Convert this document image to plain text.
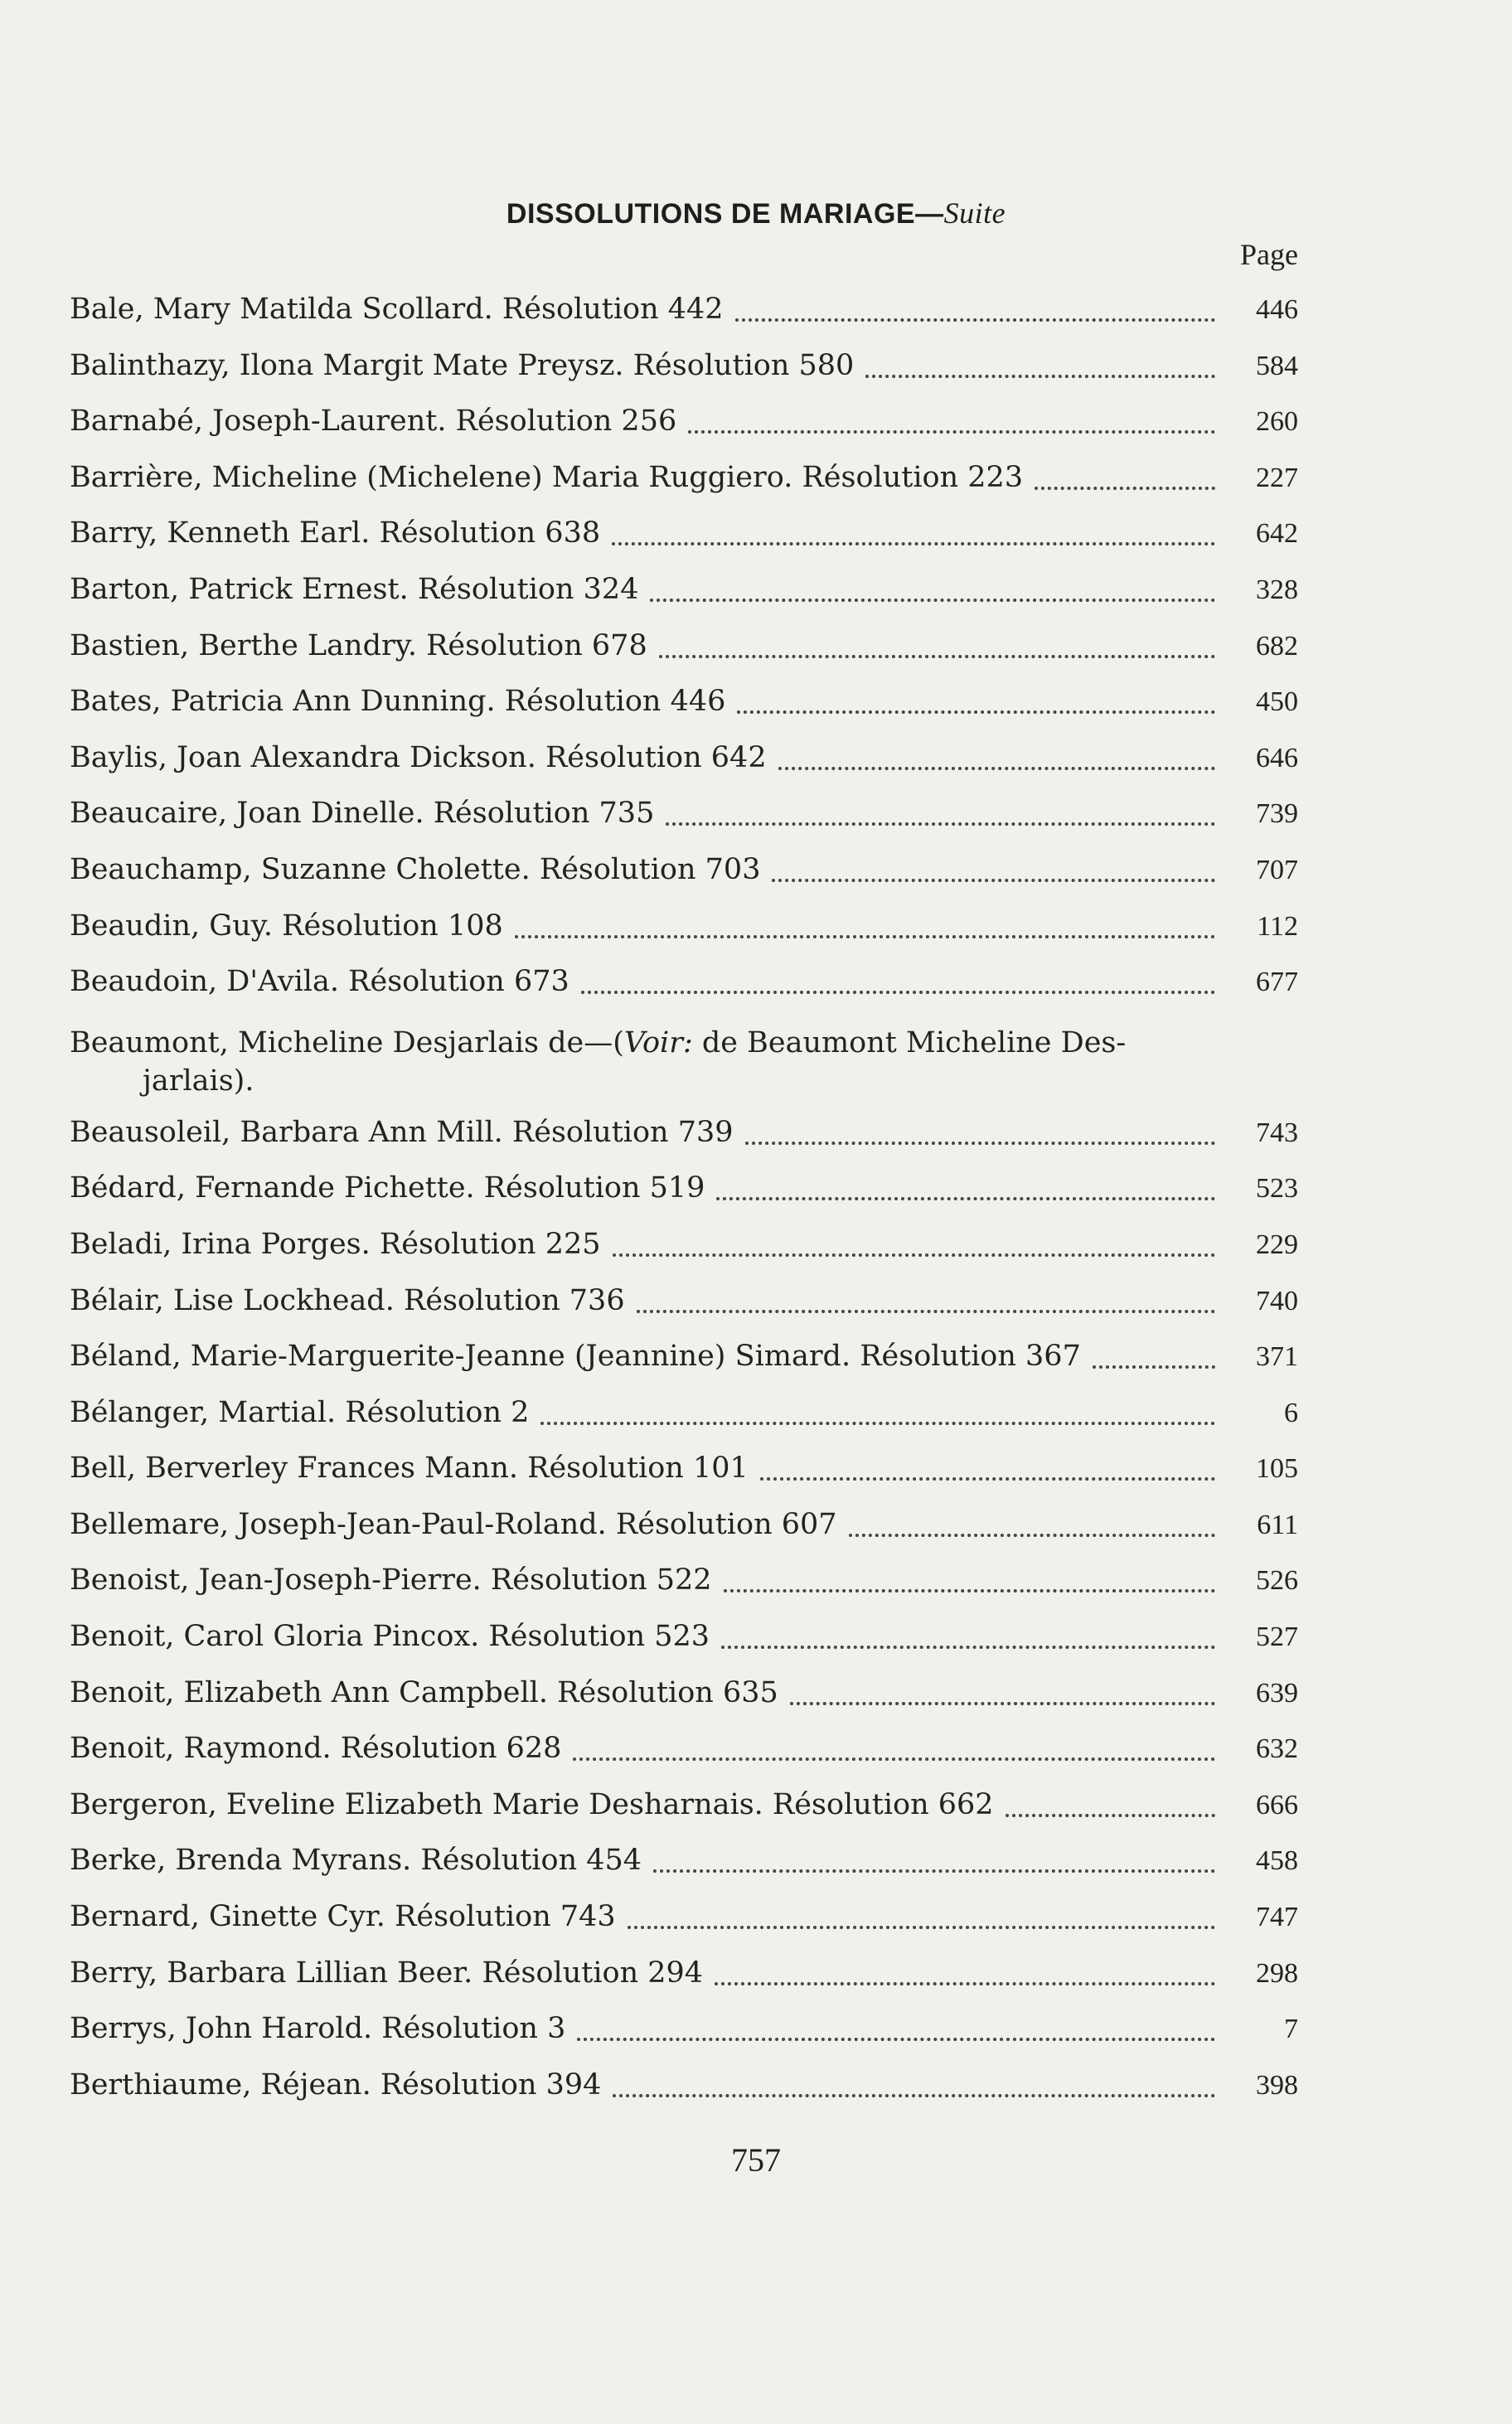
DISSOLUTIONS DE MARIAGE—Suite
Page
Bale, Mary Matilda Scollard. Résolution 442	446
Balinthazy, Ilona Margit Mate Preysz. Résolution 580	584
Barnabé, Joseph-Laurent. Résolution 256	260
Barrière, Micheline (Michelene) Maria Ruggiero. Résolution 223	227
Barry, Kenneth Earl. Résolution 638	642
Barton, Patrick Ernest. Résolution 324	328
Bastien, Berthe Landry. Résolution 678	682
Bates, Patricia Ann Dunning. Résolution 446	450
Baylis, Joan Alexandra Dickson. Résolution 642	646
Beaucaire, Joan Dinelle. Résolution 735	739
Beauchamp, Suzanne Cholette. Résolution 703	707
Beaudin, Guy. Résolution 108	112
Beaudoin, D'Avila. Résolution 673	677
Beaumont, Micheline Desjarlais de—(Voir: de Beaumont Micheline Des-
jarlais).
Beausoleil, Barbara Ann Mill. Résolution 739	743
Bédard, Fernande Pichette. Résolution 519	523
Beladi, Irina Porges. Résolution 225	229
Bélair, Lise Lockhead. Résolution 736	740
Béland, Marie-Marguerite-Jeanne (Jeannine) Simard. Résolution 367	371
Bélanger, Martial. Résolution 2	6
Bell, Berverley Frances Mann. Résolution 101	105
Bellemare, Joseph-Jean-Paul-Roland. Résolution 607	611
Benoist, Jean-Joseph-Pierre. Résolution 522	526
Benoit, Carol Gloria Pincox. Résolution 523	527
Benoit, Elizabeth Ann Campbell. Résolution 635	639
Benoit, Raymond. Résolution 628	632
Bergeron, Eveline Elizabeth Marie Desharnais. Résolution 662	666
Berke, Brenda Myrans. Résolution 454	458
Bernard, Ginette Cyr. Résolution 743	747
Berry, Barbara Lillian Beer. Résolution 294	298
Berrys, John Harold. Résolution 3	7
Berthiaume, Réjean. Résolution 394	398
757
